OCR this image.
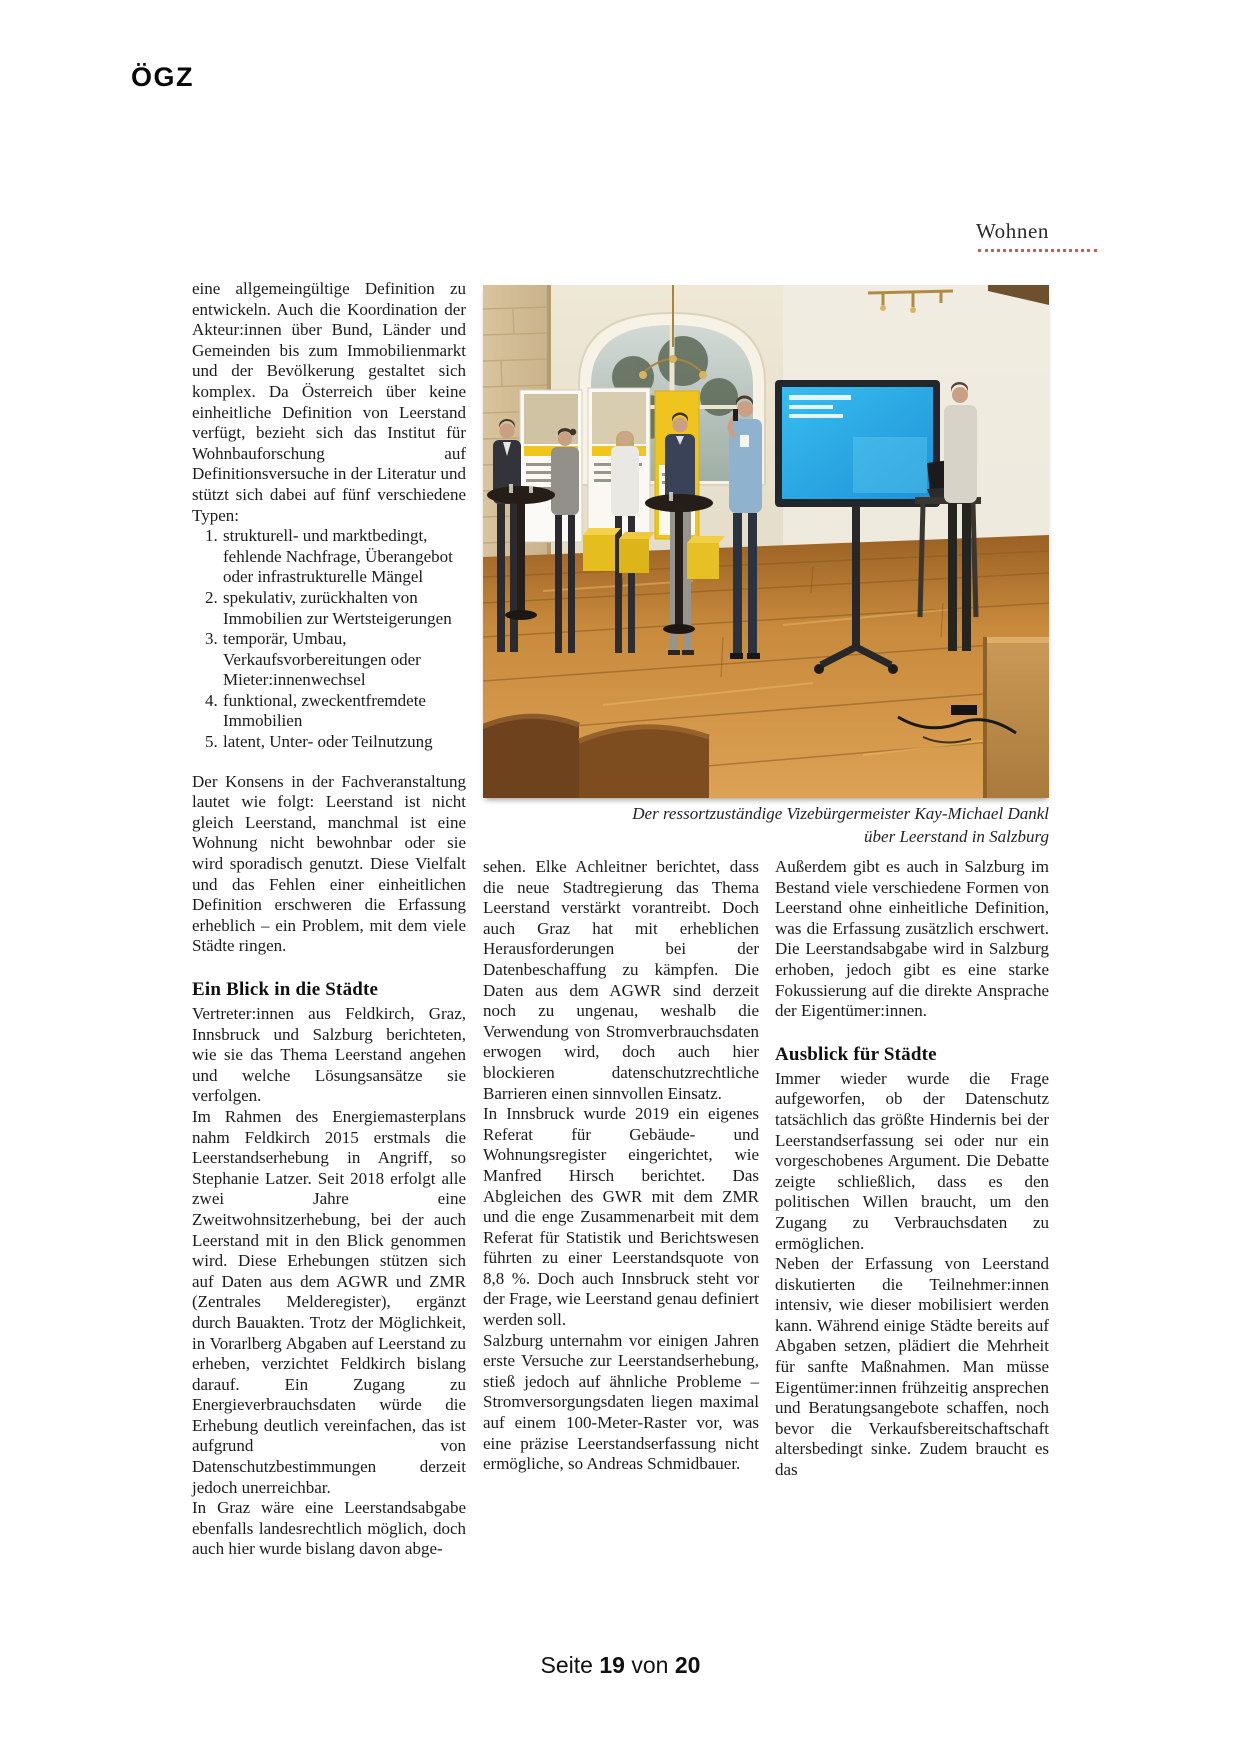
ÖGZ
Wohnen

eine allgemeingültige Definition zu entwickeln. Auch die Koordination der Akteur:innen über Bund, Länder und Gemeinden bis zum Immobilienmarkt und der Bevölkerung gestaltet sich komplex. Da Österreich über keine einheitliche Definition von Leerstand verfügt, bezieht sich das Institut für Wohnbauforschung auf Definitionsversuche in der Literatur und stützt sich dabei auf fünf verschiedene Typen:

1. strukturell- und marktbedingt, fehlende Nachfrage, Überangebot oder infrastrukturelle Mängel
2. spekulativ, zurückhalten von Immobilien zur Wertsteigerungen
3. temporär, Umbau, Verkaufsvorbereitungen oder Mieter:innenwechsel
4. funktional, zweckentfremdete Immobilien
5. latent, Unter- oder Teilnutzung

Der Konsens in der Fachveranstaltung lautet wie folgt: Leerstand ist nicht gleich Leerstand, manchmal ist eine Wohnung nicht bewohnbar oder sie wird sporadisch genutzt. Diese Vielfalt und das Fehlen einer einheitlichen Definition erschweren die Erfassung erheblich – ein Problem, mit dem viele Städte ringen.

Ein Blick in die Städte

Vertreter:innen aus Feldkirch, Graz, Innsbruck und Salzburg berichteten, wie sie das Thema Leerstand angehen und welche Lösungsansätze sie verfolgen.

Im Rahmen des Energiemasterplans nahm Feldkirch 2015 erstmals die Leerstandserhebung in Angriff, so Stephanie Latzer. Seit 2018 erfolgt alle zwei Jahre eine Zweitwohnsitzerhebung, bei der auch Leerstand mit in den Blick genommen wird. Diese Erhebungen stützen sich auf Daten aus dem AGWR und ZMR (Zentrales Melderegister), ergänzt durch Bauakten. Trotz der Möglichkeit, in Vorarlberg Abgaben auf Leerstand zu erheben, verzichtet Feldkirch bislang darauf. Ein Zugang zu Energieverbrauchsdaten würde die Erhebung deutlich vereinfachen, das ist aufgrund von Datenschutzbestimmungen derzeit jedoch unerreichbar.

In Graz wäre eine Leerstandsabgabe ebenfalls landesrechtlich möglich, doch auch hier wurde bislang davon abge-

Der ressortzuständige Vizebürgermeister Kay-Michael Dankl
über Leerstand in Salzburg

sehen. Elke Achleitner berichtet, dass die neue Stadtregierung das Thema Leerstand verstärkt vorantreibt. Doch auch Graz hat mit erheblichen Herausforderungen bei der Datenbeschaffung zu kämpfen. Die Daten aus dem AGWR sind derzeit noch zu ungenau, weshalb die Verwendung von Stromverbrauchsdaten erwogen wird, doch auch hier blockieren datenschutzrechtliche Barrieren einen sinnvollen Einsatz.

In Innsbruck wurde 2019 ein eigenes Referat für Gebäude- und Wohnungsregister eingerichtet, wie Manfred Hirsch berichtet. Das Abgleichen des GWR mit dem ZMR und die enge Zusammenarbeit mit dem Referat für Statistik und Berichtswesen führten zu einer Leerstandsquote von 8,8 %. Doch auch Innsbruck steht vor der Frage, wie Leerstand genau definiert werden soll.

Salzburg unternahm vor einigen Jahren erste Versuche zur Leerstandserhebung, stieß jedoch auf ähnliche Probleme – Stromversorgungsdaten liegen maximal auf einem 100-Meter-Raster vor, was eine präzise Leerstandserfassung nicht ermögliche, so Andreas Schmidbauer.

Außerdem gibt es auch in Salzburg im Bestand viele verschiedene Formen von Leerstand ohne einheitliche Definition, was die Erfassung zusätzlich erschwert. Die Leerstandsabgabe wird in Salzburg erhoben, jedoch gibt es eine starke Fokussierung auf die direkte Ansprache der Eigentümer:innen.

Ausblick für Städte

Immer wieder wurde die Frage aufgeworfen, ob der Datenschutz tatsächlich das größte Hindernis bei der Leerstandserfassung sei oder nur ein vorgeschobenes Argument. Die Debatte zeigte schließlich, dass es den politischen Willen braucht, um den Zugang zu Verbrauchsdaten zu ermöglichen.

Neben der Erfassung von Leerstand diskutierten die Teilnehmer:innen intensiv, wie dieser mobilisiert werden kann. Während einige Städte bereits auf Abgaben setzen, plädiert die Mehrheit für sanfte Maßnahmen. Man müsse Eigentümer:innen frühzeitig ansprechen und Beratungsangebote schaffen, noch bevor die Verkaufsbereitschaftschaft altersbedingt sinke. Zudem braucht es das

Seite 19 von 20
